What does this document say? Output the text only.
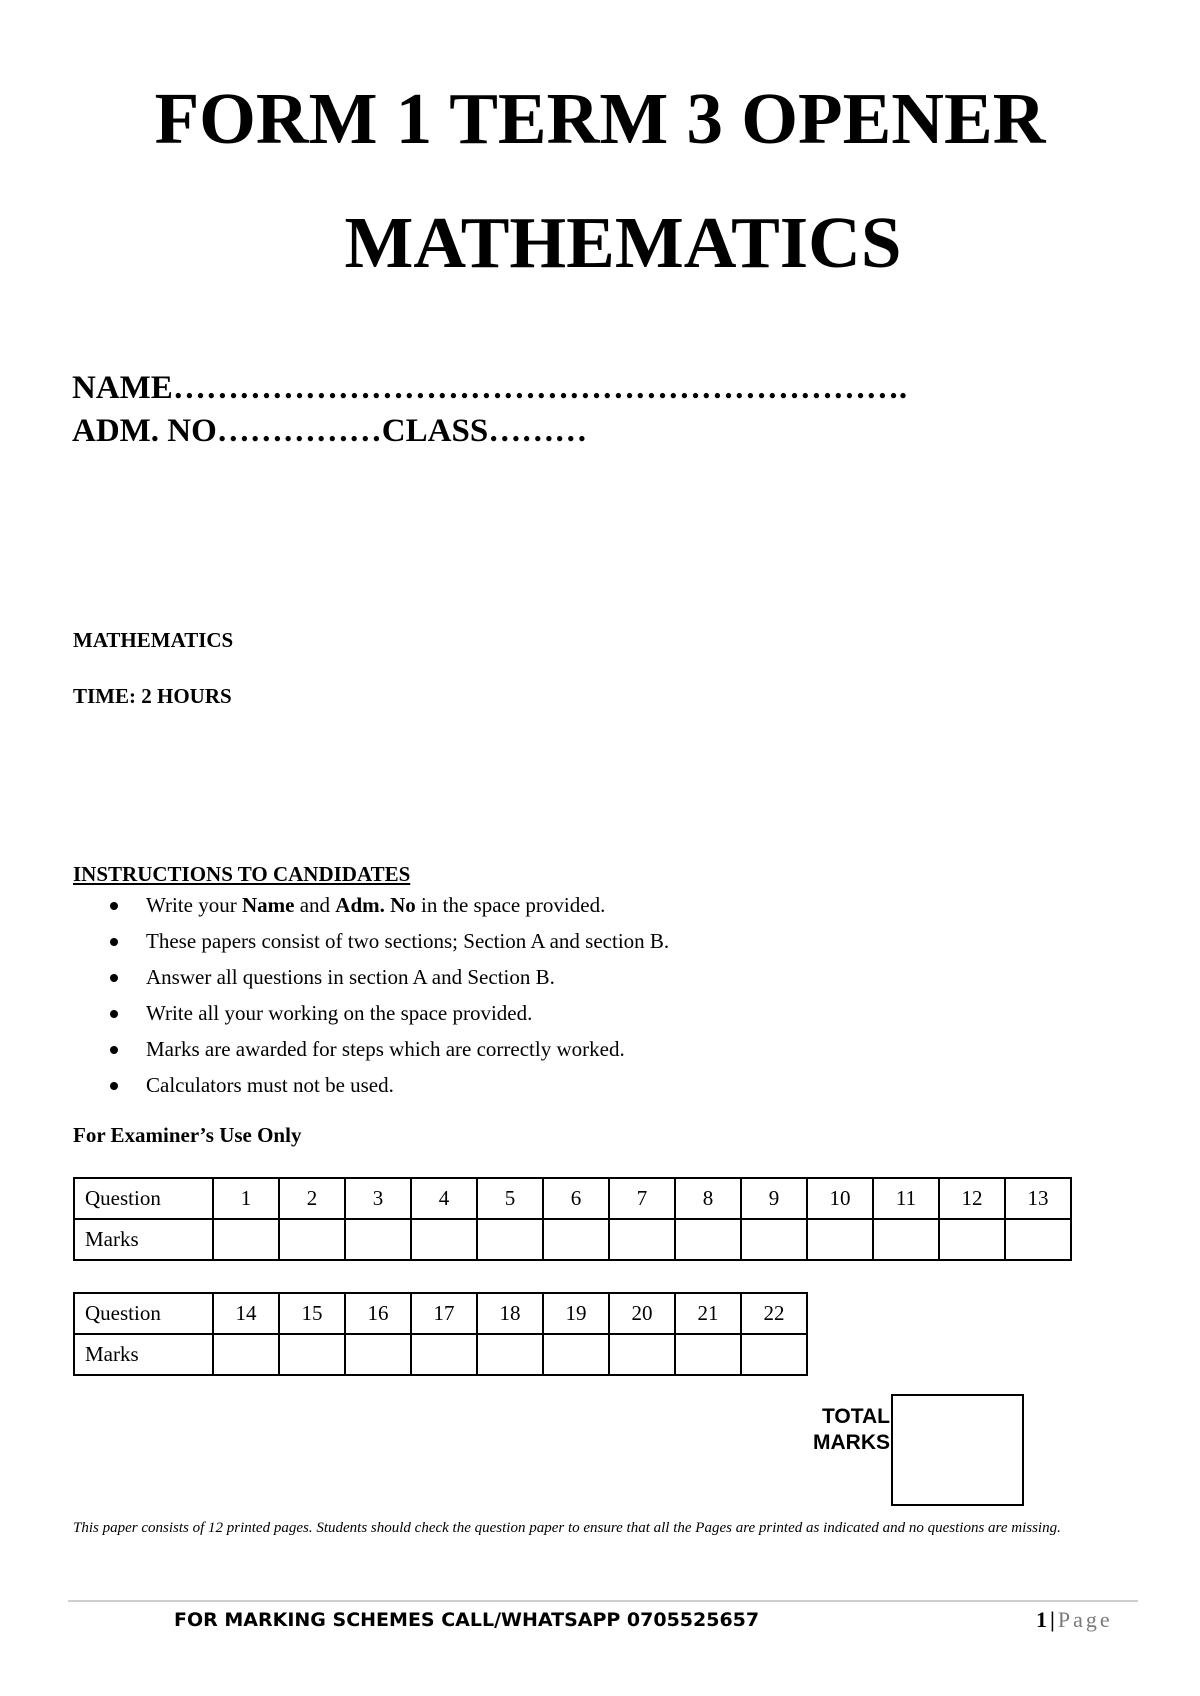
FORM 1 TERM 3 OPENER
MATHEMATICS
NAME………………………………………………………….
ADM. NO……………CLASS………
MATHEMATICS
TIME: 2 HOURS
INSTRUCTIONS TO CANDIDATES
Write your Name and Adm. No in the space provided.
These papers consist of two sections; Section A and section B.
Answer all questions in section A and Section B.
Write all your working on the space provided.
Marks are awarded for steps which are correctly worked.
Calculators must not be used.
For Examiner’s Use Only
Question	1	2	3	4	5	6	7	8	9	10	11	12	13
Marks													
Question	14	15	16	17	18	19	20	21	22
Marks									
TOTAL
MARKS
This paper consists of 12 printed pages. Students should check the question paper to ensure that all the Pages are printed as indicated and no questions are missing.
FOR MARKING SCHEMES CALL/WHATSAPP 0705525657	1 | Page
